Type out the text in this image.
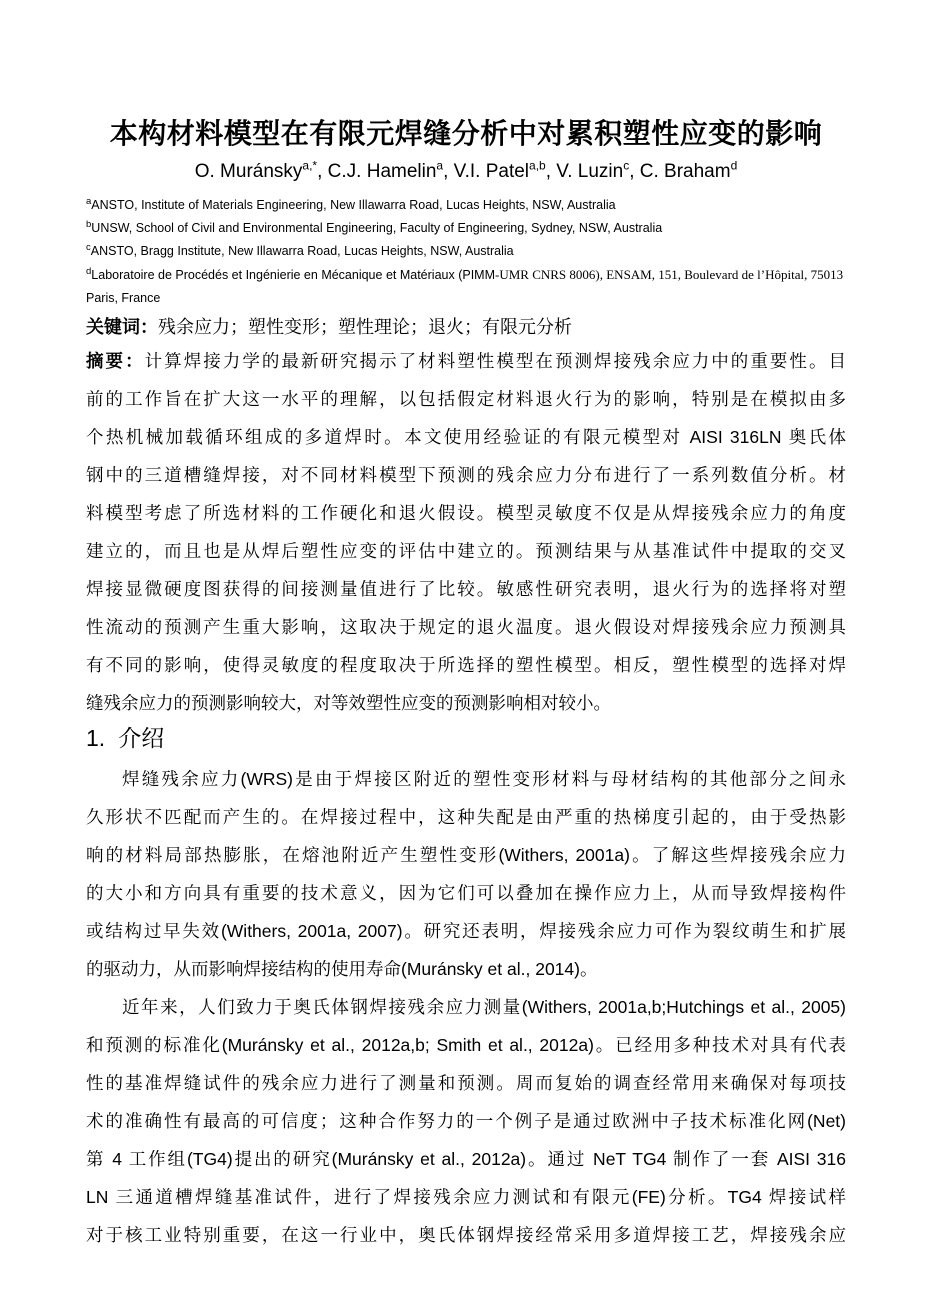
本构材料模型在有限元焊缝分析中对累积塑性应变的影响
O. Muránsky$^{a,*}$, C.J. Hamelin$^a$, V.I. Patel$^{a,b}$, V. Luzin$^c$, C. Braham$^d$
$^a$ANSTO, Institute of Materials Engineering, New Illawarra Road, Lucas Heights, NSW, Australia
$^b$UNSW, School of Civil and Environmental Engineering, Faculty of Engineering, Sydney, NSW, Australia
$^c$ANSTO, Bragg Institute, New Illawarra Road, Lucas Heights, NSW, Australia
$^d$Laboratoire de Procédés et Ingénierie en Mécanique et Matériaux (PIMM-UMR CNRS 8006), ENSAM, 151, Boulevard de l’Hôpital, 75013 Paris, France
关键词：残余应力；塑性变形；塑性理论；退火；有限元分析
摘要：计算焊接力学的最新研究揭示了材料塑性模型在预测焊接残余应力中的重要性。目
前的工作旨在扩大这一水平的理解，以包括假定材料退火行为的影响，特别是在模拟由多
个热机械加载循环组成的多道焊时。本文使用经验证的有限元模型对 AISI 316LN 奥氏体
钢中的三道槽缝焊接，对不同材料模型下预测的残余应力分布进行了一系列数值分析。材
料模型考虑了所选材料的工作硬化和退火假设。模型灵敏度不仅是从焊接残余应力的角度
建立的，而且也是从焊后塑性应变的评估中建立的。预测结果与从基准试件中提取的交叉
焊接显微硬度图获得的间接测量值进行了比较。敏感性研究表明，退火行为的选择将对塑
性流动的预测产生重大影响，这取决于规定的退火温度。退火假设对焊接残余应力预测具
有不同的影响，使得灵敏度的程度取决于所选择的塑性模型。相反，塑性模型的选择对焊
缝残余应力的预测影响较大，对等效塑性应变的预测影响相对较小。
1. 介绍
焊缝残余应力(WRS)是由于焊接区附近的塑性变形材料与母材结构的其他部分之间永
久形状不匹配而产生的。在焊接过程中，这种失配是由严重的热梯度引起的，由于受热影
响的材料局部热膨胀，在熔池附近产生塑性变形(Withers, 2001a)。了解这些焊接残余应力
的大小和方向具有重要的技术意义，因为它们可以叠加在操作应力上，从而导致焊接构件
或结构过早失效(Withers, 2001a, 2007)。研究还表明，焊接残余应力可作为裂纹萌生和扩展
的驱动力，从而影响焊接结构的使用寿命(Muránsky et al., 2014)。
近年来，人们致力于奥氏体钢焊接残余应力测量(Withers, 2001a,b;Hutchings et al., 2005)
和预测的标准化(Muránsky et al., 2012a,b; Smith et al., 2012a)。已经用多种技术对具有代表
性的基准焊缝试件的残余应力进行了测量和预测。周而复始的调查经常用来确保对每项技
术的准确性有最高的可信度；这种合作努力的一个例子是通过欧洲中子技术标准化网(Net)
第 4 工作组(TG4)提出的研究(Muránsky et al., 2012a)。通过 NeT TG4 制作了一套 AISI 316
LN 三通道槽焊缝基准试件，进行了焊接残余应力测试和有限元(FE)分析。TG4 焊接试样
对于核工业特别重要，在这一行业中，奥氏体钢焊接经常采用多道焊接工艺，焊接残余应
